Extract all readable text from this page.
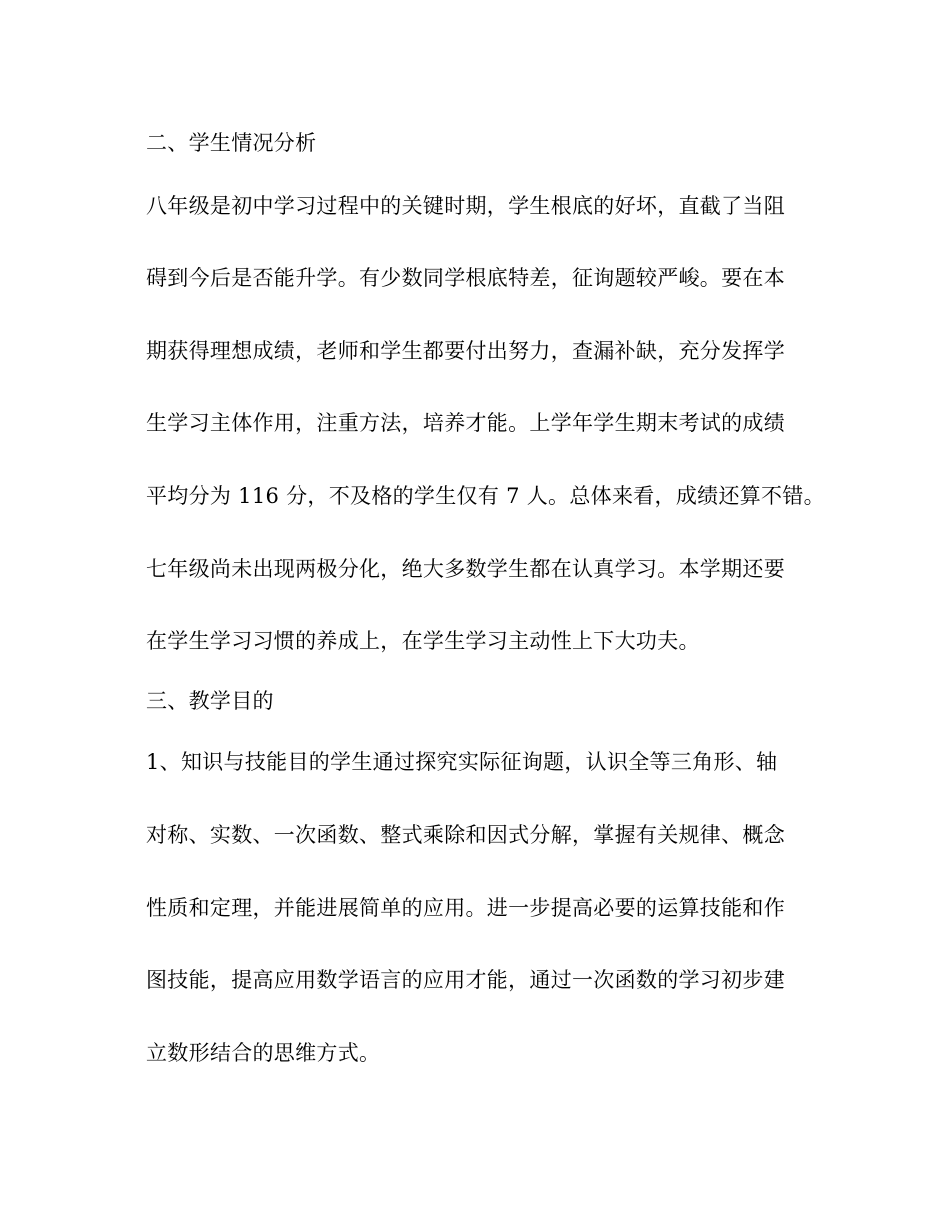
二、学生情况分析
八年级是初中学习过程中的关键时期，学生根底的好坏，直截了当阻
碍到今后是否能升学。有少数同学根底特差，征询题较严峻。要在本
期获得理想成绩，老师和学生都要付出努力，查漏补缺，充分发挥学
生学习主体作用，注重方法，培养才能。上学年学生期末考试的成绩
平均分为 116 分，不及格的学生仅有 7 人。总体来看，成绩还算不错。
七年级尚未出现两极分化，绝大多数学生都在认真学习。本学期还要
在学生学习习惯的养成上，在学生学习主动性上下大功夫。
三、教学目的
1、知识与技能目的学生通过探究实际征询题，认识全等三角形、轴
对称、实数、一次函数、整式乘除和因式分解，掌握有关规律、概念
性质和定理，并能进展简单的应用。进一步提高必要的运算技能和作
图技能，提高应用数学语言的应用才能，通过一次函数的学习初步建
立数形结合的思维方式。
